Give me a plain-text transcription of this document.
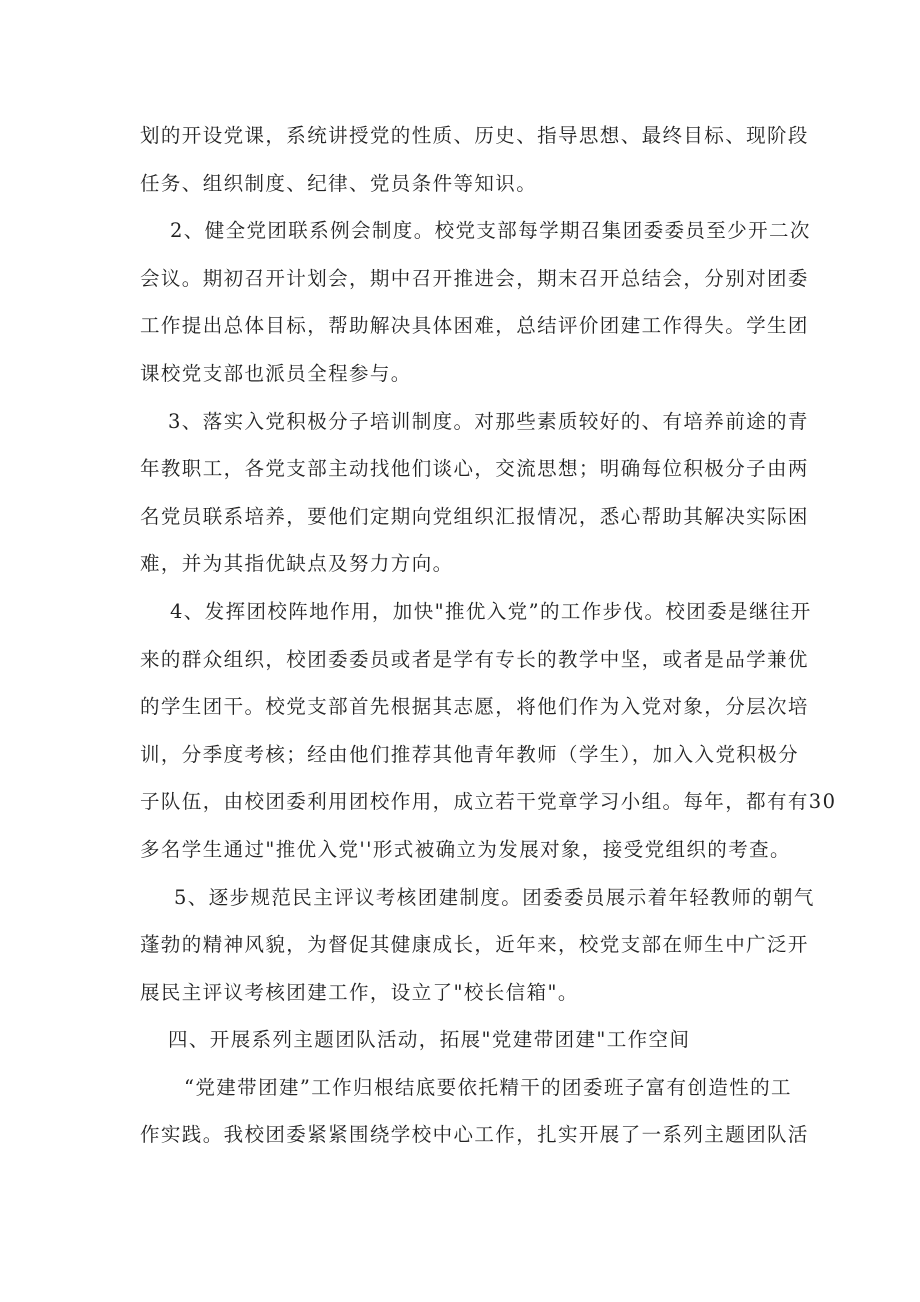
划的开设党课，系统讲授党的性质、历史、指导思想、最终目标、现阶段
任务、组织制度、纪律、党员条件等知识。
2、健全党团联系例会制度。校党支部每学期召集团委委员至少开二次
会议。期初召开计划会，期中召开推进会，期末召开总结会，分别对团委
工作提出总体目标，帮助解决具体困难，总结评价团建工作得失。学生团
课校党支部也派员全程参与。
3、落实入党积极分子培训制度。对那些素质较好的、有培养前途的青
年教职工，各党支部主动找他们谈心，交流思想；明确每位积极分子由两
名党员联系培养，要他们定期向党组织汇报情况，悉心帮助其解决实际困
难，并为其指优缺点及努力方向。
4、发挥团校阵地作用，加快"推优入党”的工作步伐。校团委是继往开
来的群众组织，校团委委员或者是学有专长的教学中坚，或者是品学兼优
的学生团干。校党支部首先根据其志愿，将他们作为入党对象，分层次培
训，分季度考核；经由他们推荐其他青年教师（学生），加入入党积极分
子队伍，由校团委利用团校作用，成立若干党章学习小组。每年，都有有30
多名学生通过"推优入党''形式被确立为发展对象，接受党组织的考查。
5、逐步规范民主评议考核团建制度。团委委员展示着年轻教师的朝气
蓬勃的精神风貌，为督促其健康成长，近年来，校党支部在师生中广泛开
展民主评议考核团建工作，设立了"校长信箱"。
四、开展系列主题团队活动，拓展"党建带团建"工作空间
“党建带团建”工作归根结底要依托精干的团委班子富有创造性的工
作实践。我校团委紧紧围绕学校中心工作，扎实开展了一系列主题团队活
